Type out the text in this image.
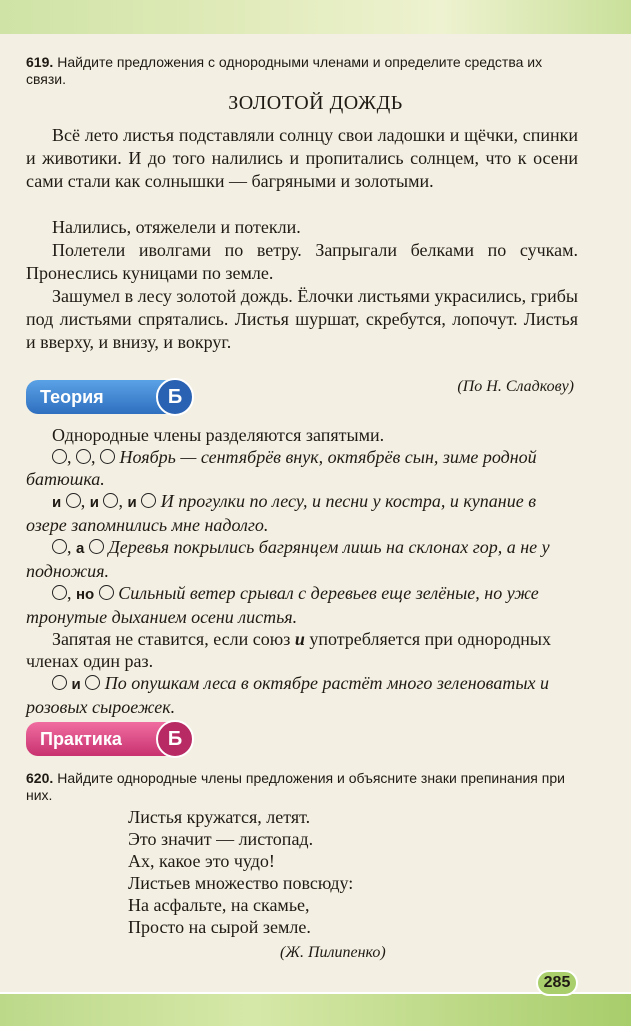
619. Найдите предложения с однородными членами и определите средства их связи.
ЗОЛОТОЙ ДОЖДЬ
Всё лето листья подставляли солнцу свои ладошки и щёчки, спинки и животики. И до того налились и пропитались солнцем, что к осени сами стали как солнышки — багряными и золотыми.
Налились, отяжелели и потекли.
Полетели иволгами по ветру. Запрыгали белками по сучкам. Пронеслись куницами по земле.
Зашумел в лесу золотой дождь. Ёлочки листьями украсились, грибы под листьями спрятались. Листья шуршат, скребутся, лопочут. Листья и вверху, и внизу, и вокруг.
(По Н. Сладкову)
Теория	Б

Однородные члены разделяются запятыми.

, ,  Ноябрь — сентябрёв внук, октябрёв сын, зиме родной батюшка.

и , и , и И прогулки по лесу, и песни у костра, и купание в озере запомнились мне надолго.

, а Деревья покрылись багрянцем лишь на склонах гор, а не у подножия.

, но Сильный ветер срывал с деревьев еще зелёные, но уже тронутые дыханием осени листья.

Запятая не ставится, если союз и употребляется при однородных членах один раз.

и По опушкам леса в октябре растёт много зеленоватых и розовых сыроежек.

Практика	Б
620. Найдите однородные члены предложения и объясните знаки препинания при них.
Листья кружатся, летят.
Это значит — листопад.
Ах, какое это чудо!
Листьев множество повсюду:
На асфальте, на скамье,
Просто на сырой земле.
(Ж. Пилипенко)
285
